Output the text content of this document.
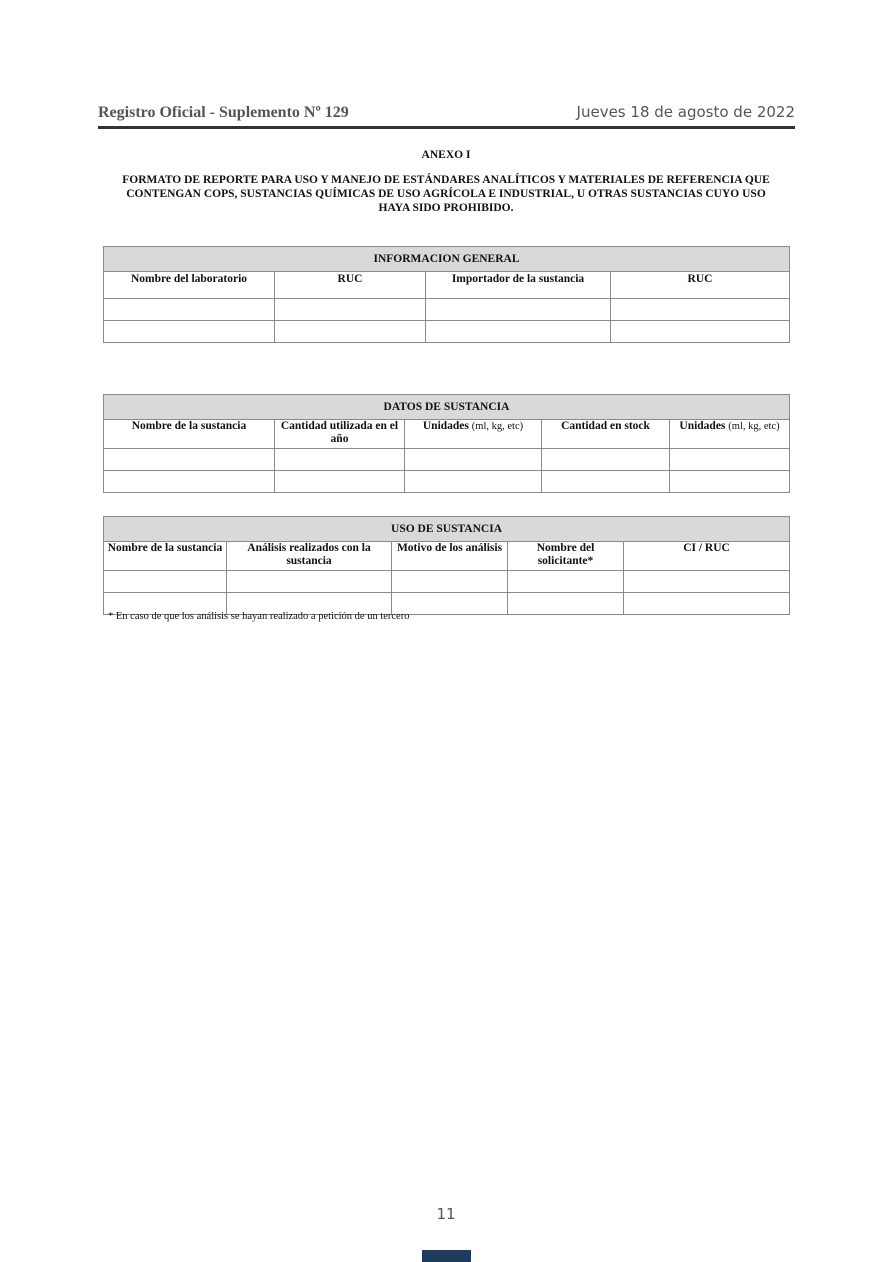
Registro Oficial - Suplemento Nº 129	Jueves 18 de agosto de 2022
ANEXO I
FORMATO DE REPORTE PARA USO Y MANEJO DE ESTÁNDARES ANALÍTICOS Y MATERIALES DE REFERENCIA QUE CONTENGAN COPS, SUSTANCIAS QUÍMICAS DE USO AGRÍCOLA E INDUSTRIAL, U OTRAS SUSTANCIAS CUYO USO HAYA SIDO PROHIBIDO.
INFORMACION GENERAL			
Nombre del laboratorio	RUC	Importador de la sustancia	RUC

DATOS DE SUSTANCIA				
Nombre de la sustancia	Cantidad utilizada en el año	Unidades (ml, kg, etc)	Cantidad en stock	Unidades (ml, kg, etc)

USO DE SUSTANCIA				
Nombre de la sustancia	Análisis realizados con la sustancia	Motivo de los análisis	Nombre del solicitante*	CI / RUC

* En caso de que los análisis se hayan realizado a petición de un tercero
11
